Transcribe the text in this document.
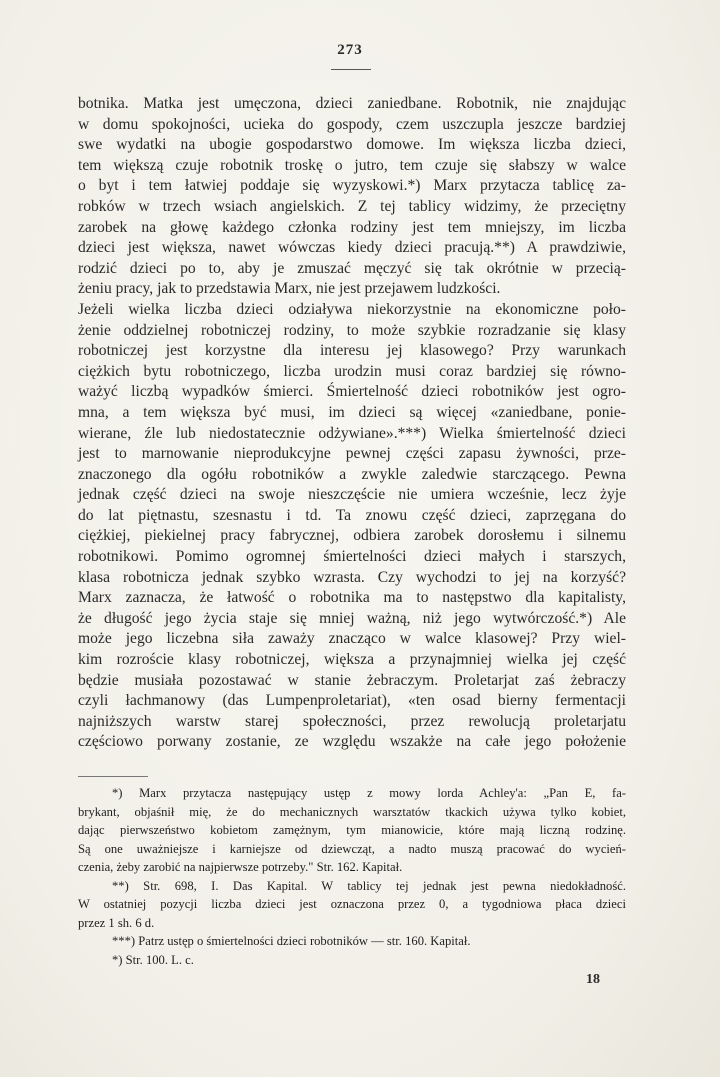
273
botnika. Matka jest umęczona, dzieci zaniedbane. Robotnik, nie znajdując
w domu spokojności, ucieka do gospody, czem uszczupla jeszcze bardziej
swe wydatki na ubogie gospodarstwo domowe. Im większa liczba dzieci,
tem większą czuje robotnik troskę o jutro, tem czuje się słabszy w walce
o byt i tem łatwiej poddaje się wyzyskowi.*) Marx przytacza tablicę za-
robków w trzech wsiach angielskich. Z tej tablicy widzimy, że przeciętny
zarobek na głowę każdego członka rodziny jest tem mniejszy, im liczba
dzieci jest większa, nawet wówczas kiedy dzieci pracują.**) A prawdziwie,
rodzić dzieci po to, aby je zmuszać męczyć się tak okrótnie w przecią-
żeniu pracy, jak to przedstawia Marx, nie jest przejawem ludzkości.
Jeżeli wielka liczba dzieci odziaływa niekorzystnie na ekonomiczne poło-
żenie oddzielnej robotniczej rodziny, to może szybkie rozradzanie się klasy
robotniczej jest korzystne dla interesu jej klasowego? Przy warunkach
ciężkich bytu robotniczego, liczba urodzin musi coraz bardziej się równo-
ważyć liczbą wypadków śmierci. Śmiertelność dzieci robotników jest ogro-
mna, a tem większa być musi, im dzieci są więcej «zaniedbane, ponie-
wierane, źle lub niedostatecznie odżywiane».***) Wielka śmiertelność dzieci
jest to marnowanie nieprodukcyjne pewnej części zapasu żywności, prze-
znaczonego dla ogółu robotników a zwykle zaledwie starczącego. Pewna
jednak część dzieci na swoje nieszczęście nie umiera wcześnie, lecz żyje
do lat piętnastu, szesnastu i td. Ta znowu część dzieci, zaprzęgana do
ciężkiej, piekielnej pracy fabrycznej, odbiera zarobek dorosłemu i silnemu
robotnikowi. Pomimo ogromnej śmiertelności dzieci małych i starszych,
klasa robotnicza jednak szybko wzrasta. Czy wychodzi to jej na korzyść?
Marx zaznacza, że łatwość o robotnika ma to następstwo dla kapitalisty,
że długość jego życia staje się mniej ważną, niż jego wytwórczość.*) Ale
może jego liczebna siła zaważy znacząco w walce klasowej? Przy wiel-
kim rozroście klasy robotniczej, większa a przynajmniej wielka jej część
będzie musiała pozostawać w stanie żebraczym. Proletarjat zaś żebraczy
czyli łachmanowy (das Lumpenproletariat), «ten osad bierny fermentacji
najniższych warstw starej społeczności, przez rewolucją proletarjatu
częściowo porwany zostanie, ze względu wszakże na całe jego położenie
*) Marx przytacza następujący ustęp z mowy lorda Achley'a: „Pan E, fa-
brykant, objaśnił mię, że do mechanicznych warsztatów tkackich używa tylko kobiet,
dając pierwszeństwo kobietom zamężnym, tym mianowicie, które mają liczną rodzinę.
Są one uważniejsze i karniejsze od dziewcząt, a nadto muszą pracować do wycień-
czenia, żeby zarobić na najpierwsze potrzeby." Str. 162. Kapitał.
**) Str. 698, I. Das Kapital. W tablicy tej jednak jest pewna niedokładność.
W ostatniej pozycji liczba dzieci jest oznaczona przez 0, a tygodniowa płaca dzieci
przez 1 sh. 6 d.
***) Patrz ustęp o śmiertelności dzieci robotników — str. 160. Kapitał.
*) Str. 100. L. c.
18
